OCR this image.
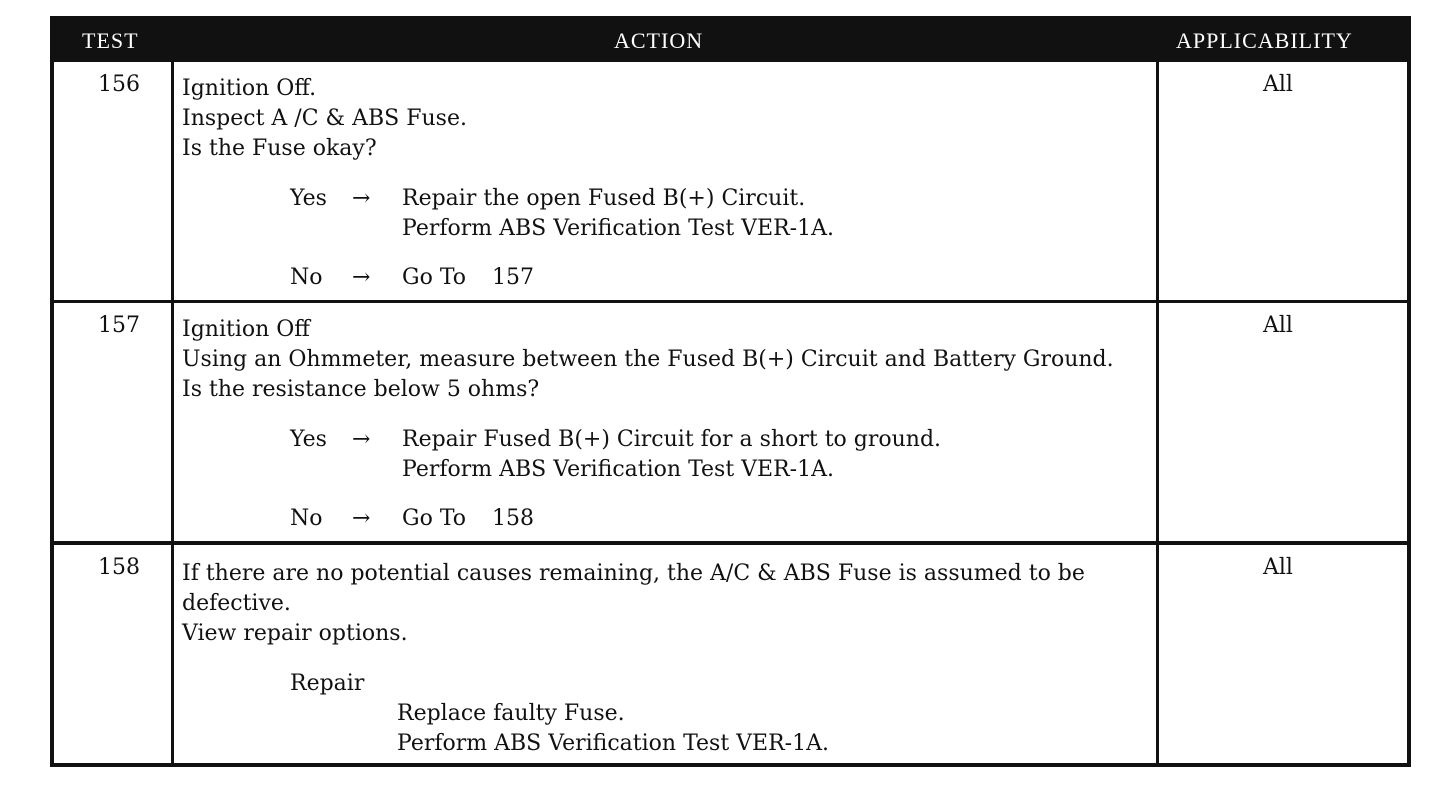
TEST	ACTION	APPLICABILITY
156 Ignition Off.

Inspect A /C & ABS Fuse.

Is the Fuse okay?

Yes → Repair the open Fused B(+) Circuit.
Perform ABS Verification Test VER-1A.
No → Go To 157
All
157 Ignition Off

Using an Ohmmeter, measure between the Fused B(+) Circuit and Battery Ground.

Is the resistance below 5 ohms?

Yes → Repair Fused B(+) Circuit for a short to ground.
Perform ABS Verification Test VER-1A.
No → Go To 158
All
158 If there are no potential causes remaining, the A/C & ABS Fuse is assumed to be

defective.

View repair options.

Repair
Replace faulty Fuse.
Perform ABS Verification Test VER-1A.
All
